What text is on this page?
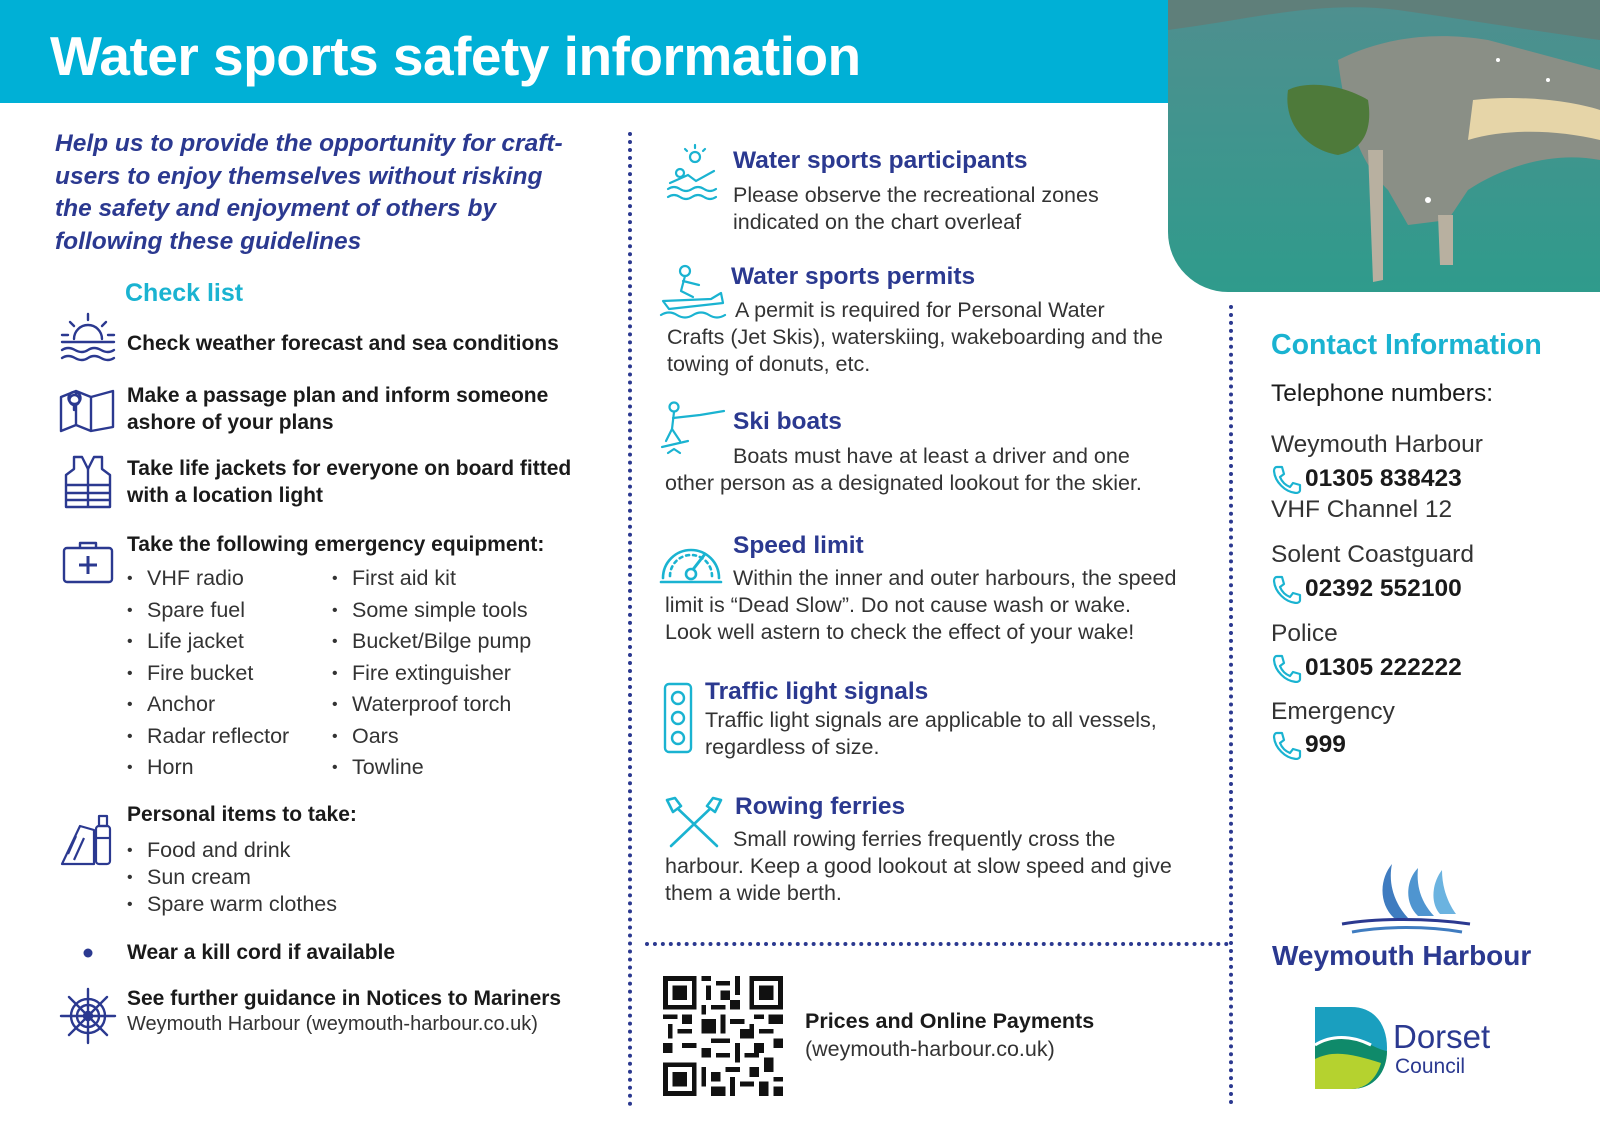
Water sports safety information

Help us to provide the opportunity for craft-users to enjoy themselves without risking the safety and enjoyment of others by following these guidelines

Check list

Check weather forecast and sea conditions

Make a passage plan and inform someone ashore of your plans

Take life jackets for everyone on board fitted with a location light

Take the following emergency equipment:

• VHF radio
• Spare fuel
• Life jacket
• Fire bucket
• Anchor
• Radar reflector
• Horn
• First aid kit
• Some simple tools
• Bucket/Bilge pump
• Fire extinguisher
• Waterproof torch
• Oars
• Towline

Personal items to take:

• Food and drink
• Sun cream
• Spare warm clothes

Wear a kill cord if available

See further guidance in Notices to Mariners

Weymouth Harbour (weymouth-harbour.co.uk)

Water sports participants

Please observe the recreational zones indicated on the chart overleaf

Water sports permits

A permit is required for Personal Water

Crafts (Jet Skis), waterskiing, wakeboarding and the towing of donuts, etc.

Ski boats

Boats must have at least a driver and one

other person as a designated lookout for the skier.

Speed limit

Within the inner and outer harbours, the speed

limit is “Dead Slow”. Do not cause wash or wake. Look well astern to check the effect of your wake!

Traffic light signals

Traffic light signals are applicable to all vessels, regardless of size.

Rowing ferries

Small rowing ferries frequently cross the

harbour. Keep a good lookout at slow speed and give them a wide berth.

Prices and Online Payments

(weymouth-harbour.co.uk)

Contact Information

Telephone numbers:

Weymouth Harbour

01305 838423

VHF Channel 12

Solent Coastguard

02392 552100

Police

01305 222222

Emergency

999

Weymouth Harbour

Dorset

Council
